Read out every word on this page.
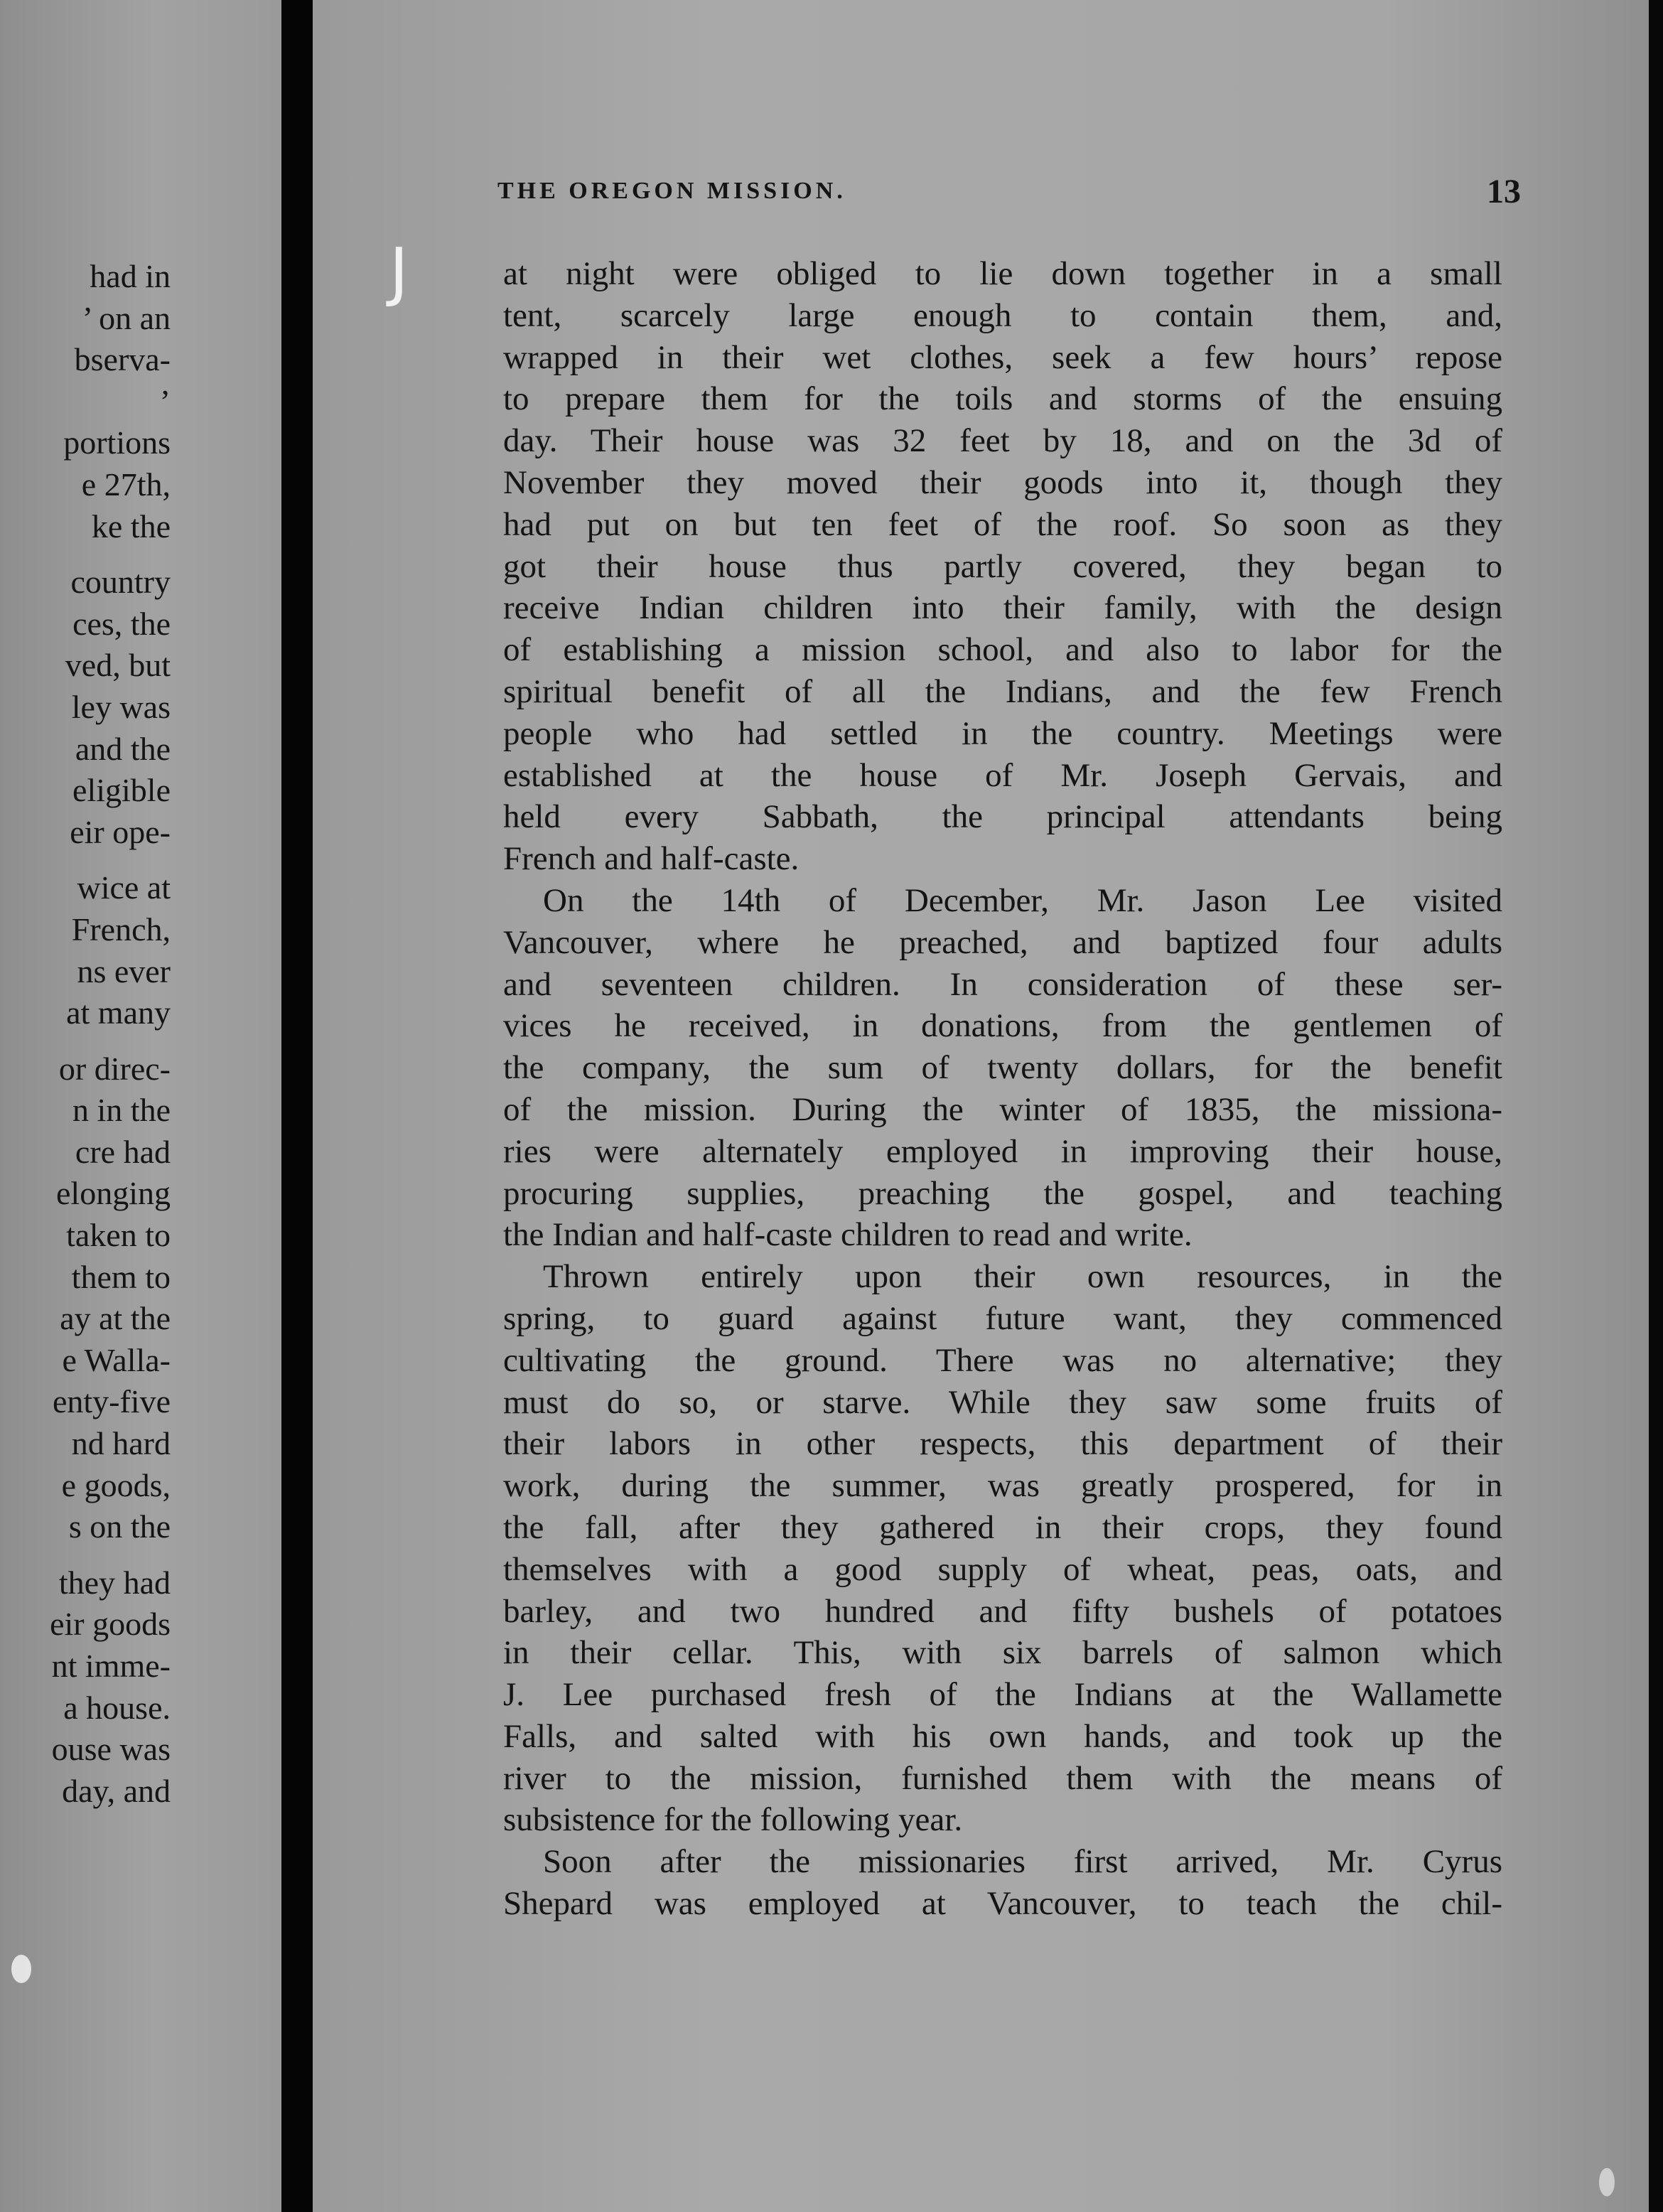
had in
’ on an
bserva-
’
portions
e 27th,
ke the
country
ces, the
ved, but
ley was
and the
eligible
eir ope-
wice at
French,
ns ever
at many
or direc-
n in the
cre had
elonging
taken to
them to
ay at the
e Walla-
enty-five
nd hard
e goods,
s on the
they had
eir goods
nt imme-
a house.
ouse was
day, and
J
THE OREGON MISSION.	13
at night were obliged to lie down together in a small
tent, scarcely large enough to contain them, and,
wrapped in their wet clothes, seek a few hours’ repose
to prepare them for the toils and storms of the ensuing
day. Their house was 32 feet by 18, and on the 3d of
November they moved their goods into it, though they
had put on but ten feet of the roof. So soon as they
got their house thus partly covered, they began to
receive Indian children into their family, with the design
of establishing a mission school, and also to labor for the
spiritual benefit of all the Indians, and the few French
people who had settled in the country. Meetings were
established at the house of Mr. Joseph Gervais, and
held every Sabbath, the principal attendants being
French and half-caste.
On the 14th of December, Mr. Jason Lee visited
Vancouver, where he preached, and baptized four adults
and seventeen children. In consideration of these ser-
vices he received, in donations, from the gentlemen of
the company, the sum of twenty dollars, for the benefit
of the mission. During the winter of 1835, the missiona-
ries were alternately employed in improving their house,
procuring supplies, preaching the gospel, and teaching
the Indian and half-caste children to read and write.
Thrown entirely upon their own resources, in the
spring, to guard against future want, they commenced
cultivating the ground. There was no alternative; they
must do so, or starve. While they saw some fruits of
their labors in other respects, this department of their
work, during the summer, was greatly prospered, for in
the fall, after they gathered in their crops, they found
themselves with a good supply of wheat, peas, oats, and
barley, and two hundred and fifty bushels of potatoes
in their cellar. This, with six barrels of salmon which
J. Lee purchased fresh of the Indians at the Wallamette
Falls, and salted with his own hands, and took up the
river to the mission, furnished them with the means of
subsistence for the following year.
Soon after the missionaries first arrived, Mr. Cyrus
Shepard was employed at Vancouver, to teach the chil-
